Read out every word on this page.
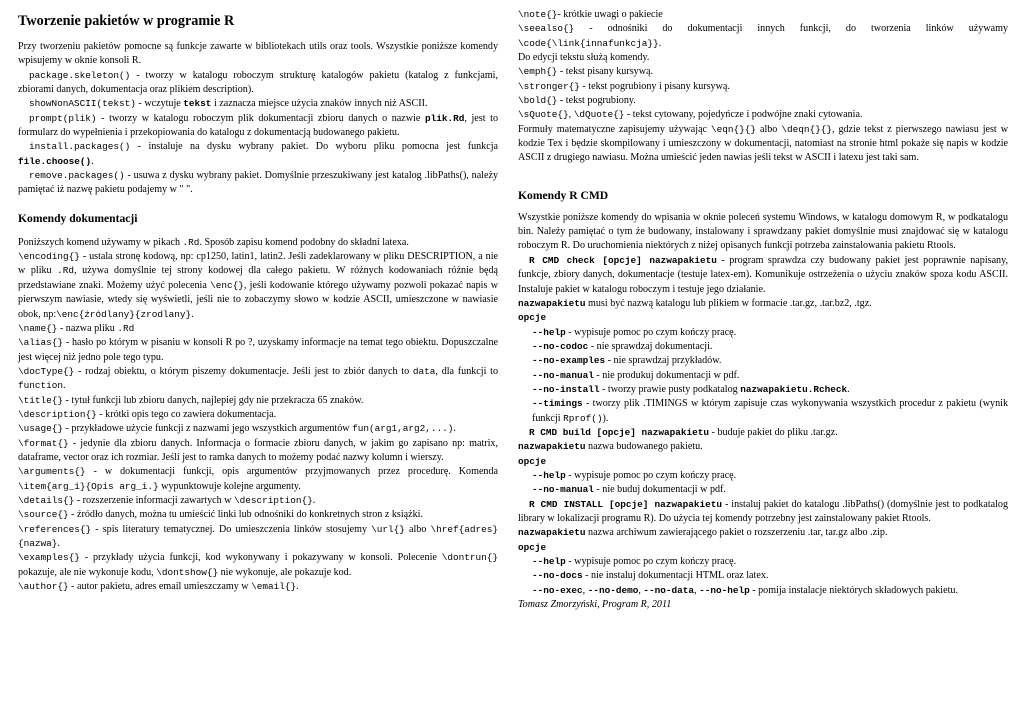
Tworzenie pakietów w programie R

Przy tworzeniu pakietów pomocne są funkcje zawarte w bibliotekach utils oraz tools. Wszystkie poniższe komendy wpisujemy w oknie konsoli R.

package.skeleton() - tworzy w katalogu roboczym strukturę katalogów pakietu (katalog z funkcjami, zbiorami danych, dokumentacja oraz plikiem description).

showNonASCII(tekst) - wczytuje tekst i zaznacza miejsce użycia znaków innych niż ASCII.

prompt(plik) - tworzy w katalogu roboczym plik dokumentacji zbioru danych o nazwie plik.Rd, jest to formularz do wypełnienia i przekopiowania do katalogu z dokumentacją budowanego pakietu.

install.packages() - instaluje na dysku wybrany pakiet. Do wyboru pliku pomocna jest funkcja file.choose().

remove.packages() - usuwa z dysku wybrany pakiet. Domyślnie przeszukiwany jest katalog .libPaths(), należy pamiętać iż nazwę pakietu podajemy w " ".

Komendy dokumentacji

Poniższych komend używamy w pikach .Rd. Sposób zapisu komend podobny do składni latexa.

\encoding{} - ustala stronę kodową, np: cp1250, latin1, latin2. Jeśli zadeklarowany w pliku DESCRIPTION, a nie w pliku .Rd, używa domyślnie tej strony kodowej dla całego pakietu. W różnych kodowaniach różnie będą przedstawiane znaki. Możemy użyć polecenia \enc{}, jeśli kodowanie którego używamy pozwoli pokazać napis w pierwszym nawiasie, wtedy się wyświetli, jeśli nie to zobaczymy słowo w kodzie ASCII, umieszczone w nawiasie obok, np:\enc{źródlany}{zrodlany}.

\name{} - nazwa pliku .Rd

\alias{} - hasło po którym w pisaniu w konsoli R po ?, uzyskamy informacje na temat tego obiektu. Dopuszczalne jest więcej niż jedno pole tego typu.

\docType{} - rodzaj obiektu, o którym piszemy dokumentacje. Jeśli jest to zbiór danych to data, dla funkcji to function.

\title{} - tytuł funkcji lub zbioru danych, najlepiej gdy nie przekracza 65 znaków.

\description{} - krótki opis tego co zawiera dokumentacja.

\usage{} - przykładowe użycie funkcji z nazwami jego wszystkich argumentów fun(arg1,arg2,...).

\format{} - jedynie dla zbioru danych. Informacja o formacie zbioru danych, w jakim go zapisano np: matrix, dataframe, vector oraz ich rozmiar. Jeśli jest to ramka danych to możemy podać nazwy kolumn i wierszy.

\arguments{} - w dokumentacji funkcji, opis argumentów przyjmowanych przez procedurę. Komenda \item{arg_i}{Opis arg_i.} wypunktowuje kolejne argumenty.

\details{} - rozszerzenie informacji zawartych w \description{}.

\source{} - źródło danych, można tu umieścić linki lub odnośniki do konkretnych stron z książki.

\references{} - spis literatury tematycznej. Do umieszczenia linków stosujemy \url{} albo \href{adres}{nazwa}.

\examples{} - przykłady użycia funkcji, kod wykonywany i pokazywany w konsoli. Polecenie \dontrun{} pokazuje, ale nie wykonuje kodu, \dontshow{} nie wykonuje, ale pokazuje kod.

\author{} - autor pakietu, adres email umieszczamy w \email{}.

\note{}- krótkie uwagi o pakiecie

\seealso{} - odnośniki do dokumentacji innych funkcji, do tworzenia linków używamy \code{\link{innafunkcja}}.

Do edycji tekstu służą komendy.

\emph{} - tekst pisany kursywą.

\stronger{} - tekst pogrubiony i pisany kursywą.

\bold{} - tekst pogrubiony.

\sQuote{}, \dQuote{} - tekst cytowany, pojedyńcze i podwójne znaki cytowania.

Formuły matematyczne zapisujemy używając \eqn{}{} albo \deqn{}{}, gdzie tekst z pierwszego nawiasu jest w kodzie Tex i będzie skompilowany i umieszczony w dokumentacji, natomiast na stronie html pokaże się napis w kodzie ASCII z drugiego nawiasu. Można umieścić jeden nawias jeśli tekst w ASCII i latexu jest taki sam.

Komendy R CMD

Wszystkie poniższe komendy do wpisania w oknie poleceń systemu Windows, w katalogu domowym R, w podkatalogu bin. Należy pamiętać o tym że budowany, instalowany i sprawdzany pakiet domyślnie musi znajdować się w katalogu roboczym R. Do uruchomienia niektórych z niżej opisanych funkcji potrzeba zainstalowania pakietu Rtools.

R CMD check [opcje] nazwapakietu - program sprawdza czy budowany pakiet jest poprawnie napisany, funkcje, zbiory danych, dokumentacje (testuje latex-em). Komunikuje ostrzeżenia o użyciu znaków spoza kodu ASCII. Instaluje pakiet w katalogu roboczym i testuje jego działanie.

nazwapakietu musi być nazwą katalogu lub plikiem w formacie .tar.gz, .tar.bz2, .tgz.

opcje

--help - wypisuje pomoc po czym kończy pracę.

--no-codoc - nie sprawdzaj dokumentacji.

--no-examples - nie sprawdzaj przykładów.

--no-manual - nie produkuj dokumentacji w pdf.

--no-install - tworzy prawie pusty podkatalog nazwapakietu.Rcheck.

--timings - tworzy plik .TIMINGS w którym zapisuje czas wykonywania wszystkich procedur z pakietu (wynik funkcji Rprof()).

R CMD build [opcje] nazwapakietu - buduje pakiet do pliku .tar.gz.

nazwapakietu nazwa budowanego pakietu.

opcje

--help - wypisuje pomoc po czym kończy pracę.

--no-manual - nie buduj dokumentacji w pdf.

R CMD INSTALL [opcje] nazwapakietu - instaluj pakiet do katalogu .libPaths() (domyślnie jest to podkatalog library w lokalizacji programu R). Do użycia tej komendy potrzebny jest zainstalowany pakiet Rtools.

nazwapakietu nazwa archiwum zawierającego pakiet o rozszerzeniu .tar, tar.gz albo .zip.

opcje

--help - wypisuje pomoc po czym kończy pracę.

--no-docs - nie instaluj dokumentacji HTML oraz latex.

--no-exec, --no-demo, --no-data, --no-help - pomija instalacje niektórych składowych pakietu.

Tomasz Zmorzyński, Program R, 2011
